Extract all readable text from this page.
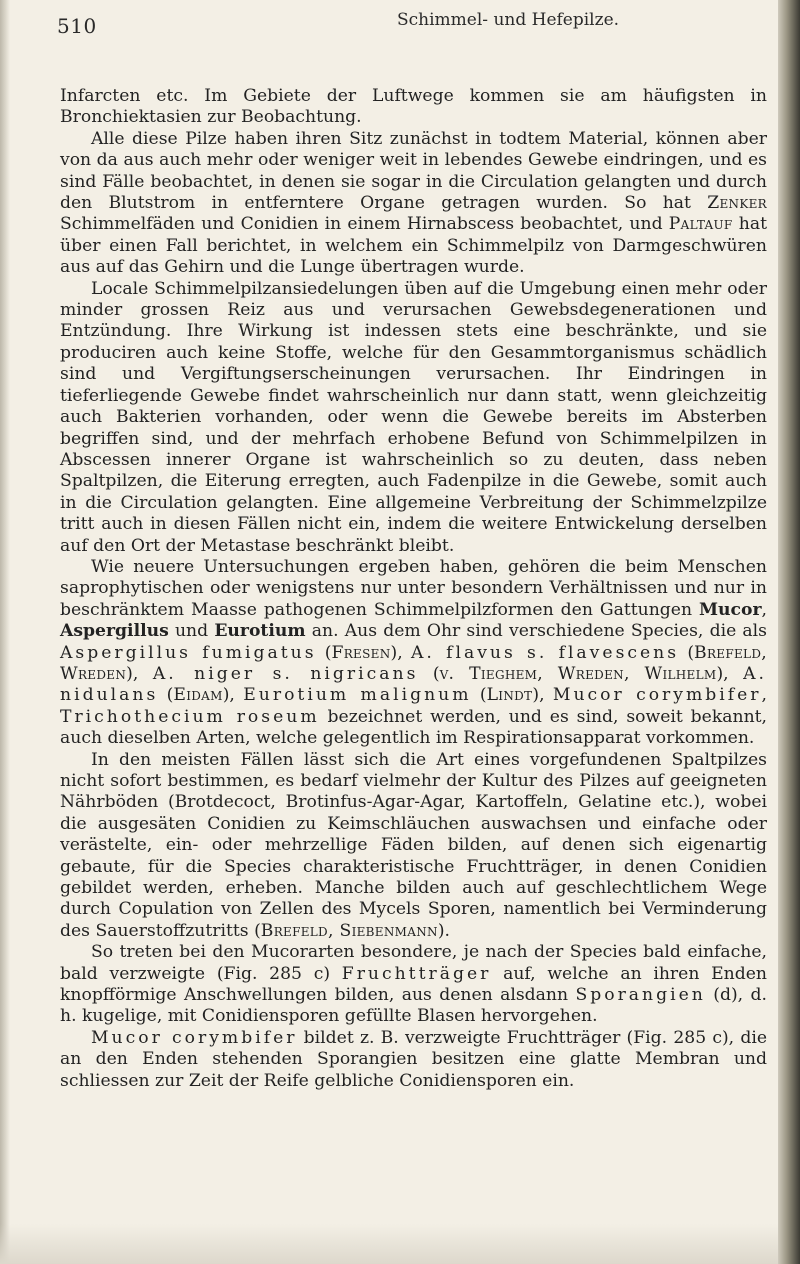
510	Schimmel- und Hefepilze.

Infarcten etc. Im Gebiete der Luftwege kommen sie am häufigsten in Bronchiektasien zur Beobachtung.

Alle diese Pilze haben ihren Sitz zunächst in todtem Material, können aber von da aus auch mehr oder weniger weit in lebendes Gewebe eindringen, und es sind Fälle beobachtet, in denen sie sogar in die Circulation gelangten und durch den Blutstrom in entferntere Organe getragen wurden. So hat Zenker Schimmelfäden und Conidien in einem Hirnabscess beobachtet, und Paltauf hat über einen Fall berichtet, in welchem ein Schimmelpilz von Darmgeschwüren aus auf das Gehirn und die Lunge übertragen wurde.

Locale Schimmelpilzansiedelungen üben auf die Umgebung einen mehr oder minder grossen Reiz aus und verursachen Gewebsdegenerationen und Entzündung. Ihre Wirkung ist indessen stets eine beschränkte, und sie produciren auch keine Stoffe, welche für den Gesammtorganismus schädlich sind und Vergiftungserscheinungen verursachen. Ihr Eindringen in tieferliegende Gewebe findet wahrscheinlich nur dann statt, wenn gleichzeitig auch Bakterien vorhanden, oder wenn die Gewebe bereits im Absterben begriffen sind, und der mehrfach erhobene Befund von Schimmelpilzen in Abscessen innerer Organe ist wahrscheinlich so zu deuten, dass neben Spaltpilzen, die Eiterung erregten, auch Fadenpilze in die Gewebe, somit auch in die Circulation gelangten. Eine allgemeine Verbreitung der Schimmelzpilze tritt auch in diesen Fällen nicht ein, indem die weitere Entwickelung derselben auf den Ort der Metastase beschränkt bleibt.

Wie neuere Untersuchungen ergeben haben, gehören die beim Menschen saprophytischen oder wenigstens nur unter besondern Verhältnissen und nur in beschränktem Maasse pathogenen Schimmelpilzformen den Gattungen Mucor, Aspergillus und Eurotium an. Aus dem Ohr sind verschiedene Species, die als Aspergillus fumigatus (Fresen), A. flavus s. flavescens (Brefeld, Wreden), A. niger s. nigricans (v. Tieghem, Wreden, Wilhelm), A. nidulans (Eidam), Eurotium malignum (Lindt), Mucor corymbifer, Trichothecium roseum bezeichnet werden, und es sind, soweit bekannt, auch dieselben Arten, welche gelegentlich im Respirationsapparat vorkommen.

In den meisten Fällen lässt sich die Art eines vorgefundenen Spaltpilzes nicht sofort bestimmen, es bedarf vielmehr der Kultur des Pilzes auf geeigneten Nährböden (Brotdecoct, Brotinfus-Agar-Agar, Kartoffeln, Gelatine etc.), wobei die ausgesäten Conidien zu Keimschläuchen auswachsen und einfache oder verästelte, ein- oder mehrzellige Fäden bilden, auf denen sich eigenartig gebaute, für die Species charakteristische Fruchtträger, in denen Conidien gebildet werden, erheben. Manche bilden auch auf geschlechtlichem Wege durch Copulation von Zellen des Mycels Sporen, namentlich bei Verminderung des Sauerstoffzutritts (Brefeld, Siebenmann).

So treten bei den Mucorarten besondere, je nach der Species bald einfache, bald verzweigte (Fig. 285 c) Fruchtträger auf, welche an ihren Enden knopfförmige Anschwellungen bilden, aus denen alsdann Sporangien (d), d. h. kugelige, mit Conidiensporen gefüllte Blasen hervorgehen.

Mucor corymbifer bildet z. B. verzweigte Fruchtträger (Fig. 285 c), die an den Enden stehenden Sporangien besitzen eine glatte Membran und schliessen zur Zeit der Reife gelbliche Conidiensporen ein.
